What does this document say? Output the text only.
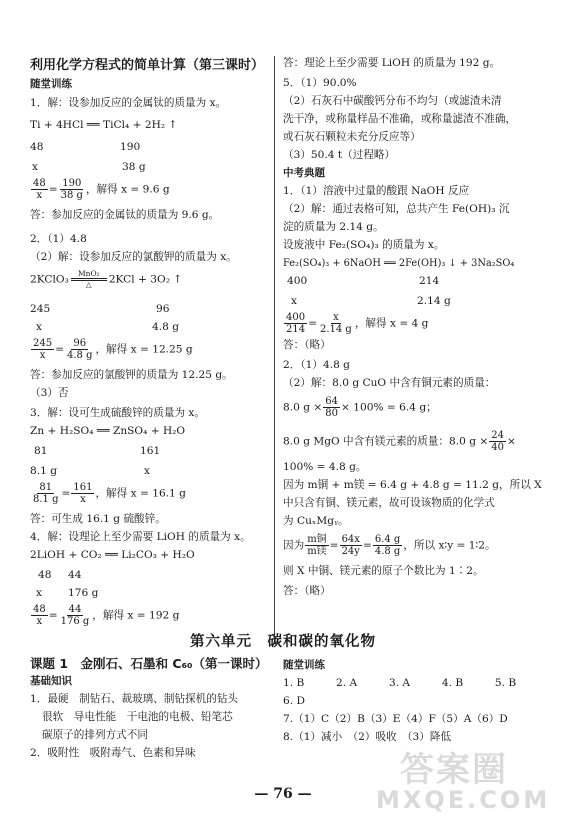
利用化学方程式的简单计算（第三课时）
随堂训练
1．解：设参加反应的金属钛的质量为 x。
Ti + 4HCl ══ TiCl₄ + 2H₂ ↑
48	190
x	38 g
$\frac{48}{x} = \frac{190}{38 g}$ ，解得 x = 9.6 g
答：参加反应的金属钛的质量为 9.6 g。
2．（1）4.8
（2）解：设参加反应的氯酸钾的质量为 x。
2KClO₃ MnO₂
△ 2KCl + 3O₂ ↑
245	96
x	4.8 g
$\frac{245}{x} = \frac{96}{4.8 g}$ ，解得 x = 12.25 g
答：参加反应的氯酸钾的质量为 12.25 g。
（3）否
3．解：设可生成硫酸锌的质量为 x。
Zn + H₂SO₄ ══ ZnSO₄ + H₂O
81	161
8.1 g	x
$\frac{81}{8.1 g} = \frac{161}{x}$ ，解得 x = 16.1 g
答：可生成 16.1 g 硫酸锌。
4．解：设理论上至少需要 LiOH 的质量为 x。
2LiOH + CO₂ ══ Li₂CO₃ + H₂O
48 44
x 176 g
$\frac{48}{x} = \frac{44}{176 g}$ ，解得 x = 192 g
答：理论上至少需要 LiOH 的质量为 192 g。
5．（1）90.0%
（2）石灰石中碳酸钙分布不均匀（或滤渣未清
洗干净，或称量样品不准确，或称量滤渣不准确，
或石灰石颗粒未充分反应等）
（3）50.4 t（过程略）
中考典题
1．（1）溶液中过量的酸跟 NaOH 反应
（2）解：通过表格可知，总共产生 Fe(OH)₃ 沉
淀的质量为 2.14 g。
设废液中 Fe₂(SO₄)₃ 的质量为 x。
Fe₂(SO₄)₃ + 6NaOH ══ 2Fe(OH)₃ ↓ + 3Na₂SO₄
400	214
x	2.14 g
$\frac{400}{214} = \frac{x}{2.14 g}$ ，解得 x = 4 g
答：（略）
2．（1）4.8 g
（2）解：8.0 g CuO 中含有铜元素的质量：
8.0 $g \times \frac{64}{80} \times 100\% = 6.4$ g；
8.0 g MgO 中含有镁元素的质量：8.0 $g \times \frac{24}{40}$ ×
100% = 4.8 g。
因为 m铜 + m镁 = 6.4 g + 4.8 g = 11.2 g，所以 X
中只含有铜、镁元素，故可设该物质的化学式
为 CuₓMgᵧ。
因为 $\frac{\text{m铜}}{\text{m镁}} = \frac{64x}{24y} = \frac{6.4 g}{4.8 g}$ ，所以 x∶y = 1∶2。
则 X 中铜、镁元素的原子个数比为 1∶2。
答：（略）
第六单元　碳和碳的氧化物
课题 1　金刚石、石墨和 C₆₀（第一课时）
基础知识
1．最硬　制钻石、裁玻璃、制钻探机的钻头
很软　导电性能　干电池的电极、铅笔芯
碳原子的排列方式不同
2．吸附性　吸附毒气、色素和异味
随堂训练
1. B　　　2. A　　　3. A　　　4. B　　　5. B
6. D
7.（1）C（2）B（3）E（4）F（5）A（6）D
8.（1）减小　（2）吸收　（3）降低
— 76 —
答案圈
MXQE.COM
